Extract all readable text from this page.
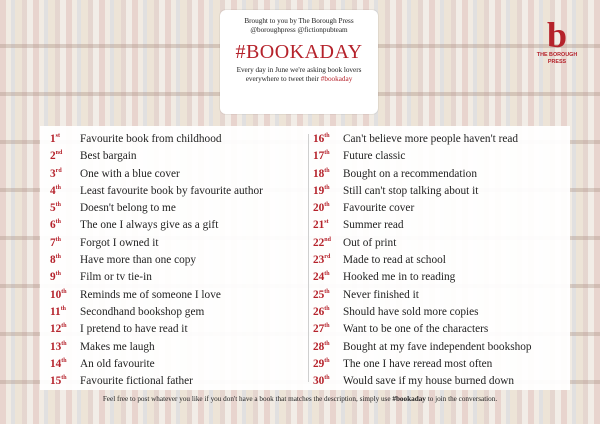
Brought to you by The Borough Press
@boroughpress @fictionpubteam
#BOOKADAY
Every day in June we're asking book lovers
everywhere to tweet their #bookaday
b
THE BOROUGH
PRESS
1st	Favourite book from childhood
2nd	Best bargain
3rd	One with a blue cover
4th	Least favourite book by favourite author
5th	Doesn't belong to me
6th	The one I always give as a gift
7th	Forgot I owned it
8th	Have more than one copy
9th	Film or tv tie-in
10th	Reminds me of someone I love
11th	Secondhand bookshop gem
12th	I pretend to have read it
13th	Makes me laugh
14th	An old favourite
15th	Favourite fictional father
16th	Can't believe more people haven't read
17th	Future classic
18th	Bought on a recommendation
19th	Still can't stop talking about it
20th	Favourite cover
21st	Summer read
22nd	Out of print
23rd	Made to read at school
24th	Hooked me in to reading
25th	Never finished it
26th	Should have sold more copies
27th	Want to be one of the characters
28th	Bought at my fave independent bookshop
29th	The one I have reread most often
30th	Would save if my house burned down
Feel free to post whatever you like if you don't have a book that matches the description, simply use #bookaday to join the conversation.
